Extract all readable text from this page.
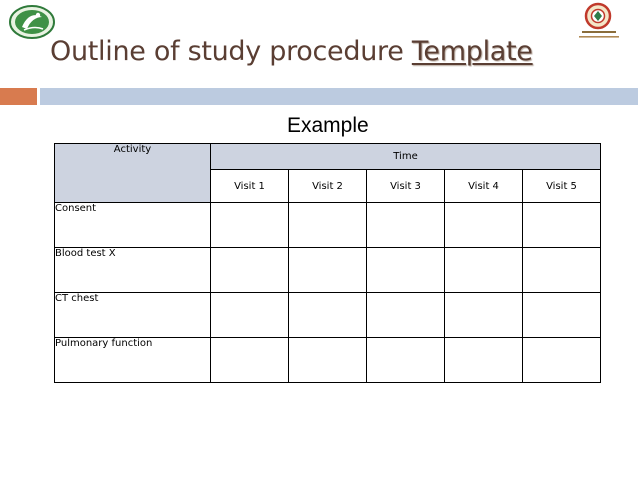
Outline of study procedure Template
Example
Activity	Time				
	Visit 1	Visit 2	Visit 3	Visit 4	Visit 5
Consent					
Blood test X					
CT chest					
Pulmonary function					
